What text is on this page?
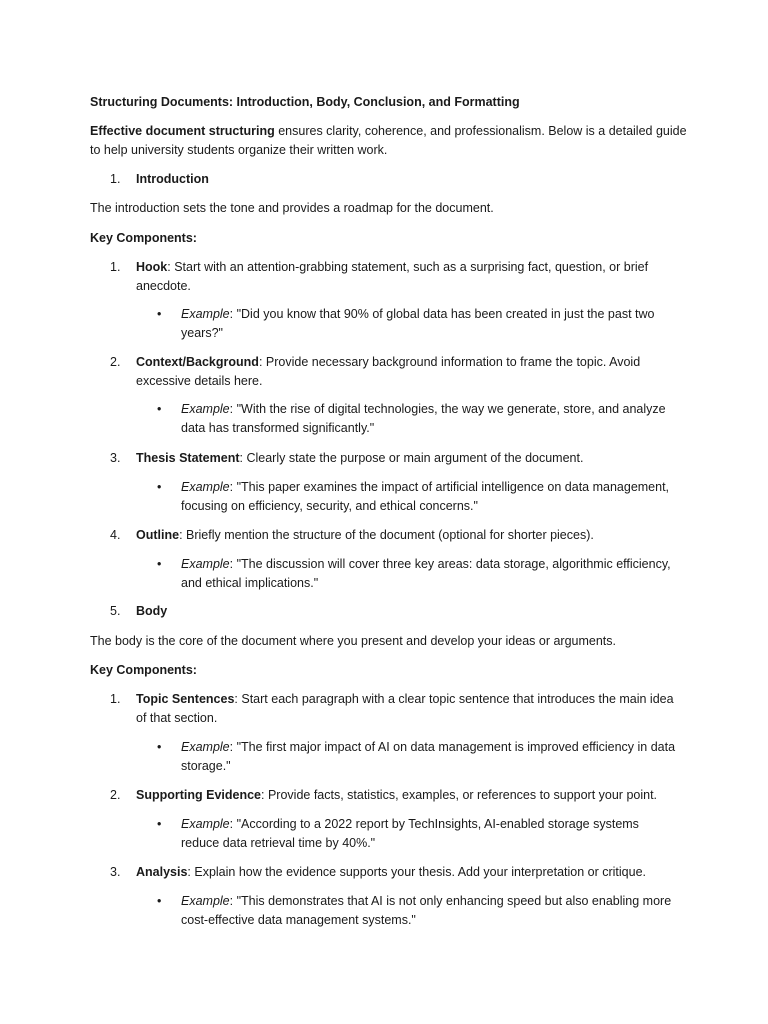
Structuring Documents: Introduction, Body, Conclusion, and Formatting

Effective document structuring ensures clarity, coherence, and professionalism. Below is a detailed guide to help university students organize their written work.

1.	Introduction

The introduction sets the tone and provides a roadmap for the document.

Key Components:

1.	Hook: Start with an attention-grabbing statement, such as a surprising fact, question, or brief anecdote.

•	Example: "Did you know that 90% of global data has been created in just the past two years?"

2.	Context/Background: Provide necessary background information to frame the topic. Avoid excessive details here.

•	Example: "With the rise of digital technologies, the way we generate, store, and analyze data has transformed significantly."

3.	Thesis Statement: Clearly state the purpose or main argument of the document.

•	Example: "This paper examines the impact of artificial intelligence on data management, focusing on efficiency, security, and ethical concerns."

4.	Outline: Briefly mention the structure of the document (optional for shorter pieces).

•	Example: "The discussion will cover three key areas: data storage, algorithmic efficiency, and ethical implications."

5.	Body

The body is the core of the document where you present and develop your ideas or arguments.

Key Components:

1.	Topic Sentences: Start each paragraph with a clear topic sentence that introduces the main idea of that section.

•	Example: "The first major impact of AI on data management is improved efficiency in data storage."

2.	Supporting Evidence: Provide facts, statistics, examples, or references to support your point.

•	Example: "According to a 2022 report by TechInsights, AI-enabled storage systems reduce data retrieval time by 40%."

3.	Analysis: Explain how the evidence supports your thesis. Add your interpretation or critique.

•	Example: "This demonstrates that AI is not only enhancing speed but also enabling more cost-effective data management systems."
